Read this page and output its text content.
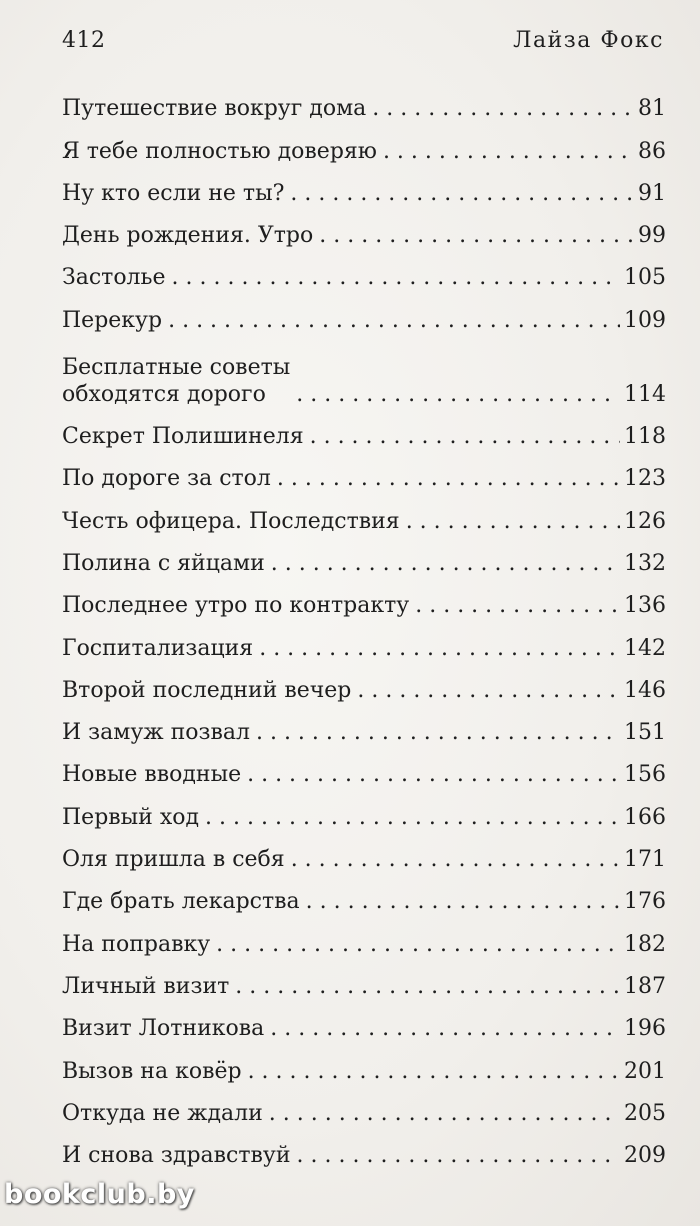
412	Лайза Фокс
Путешествие вокруг дома . . .	81
Я тебе полностью доверяю . . .	86
Ну кто если не ты? . . .	91
День рождения. Утро . . .	99
Застолье . . .	105
Перекур . . .	109
Бесплатные советы
обходятся дорого . . .	114
Секрет Полишинеля . . .	118
По дороге за стол . . .	123
Честь офицера. Последствия . . .	126
Полина с яйцами . . .	132
Последнее утро по контракту . . .	136
Госпитализация . . .	142
Второй последний вечер . . .	146
И замуж позвал . . .	151
Новые вводные . . .	156
Первый ход . . .	166
Оля пришла в себя . . .	171
Где брать лекарства . . .	176
На поправку . . .	182
Личный визит . . .	187
Визит Лотникова . . .	196
Вызов на ковёр . . .	201
Откуда не ждали . . .	205
И снова здравствуй . . .	209
bookclub.by
